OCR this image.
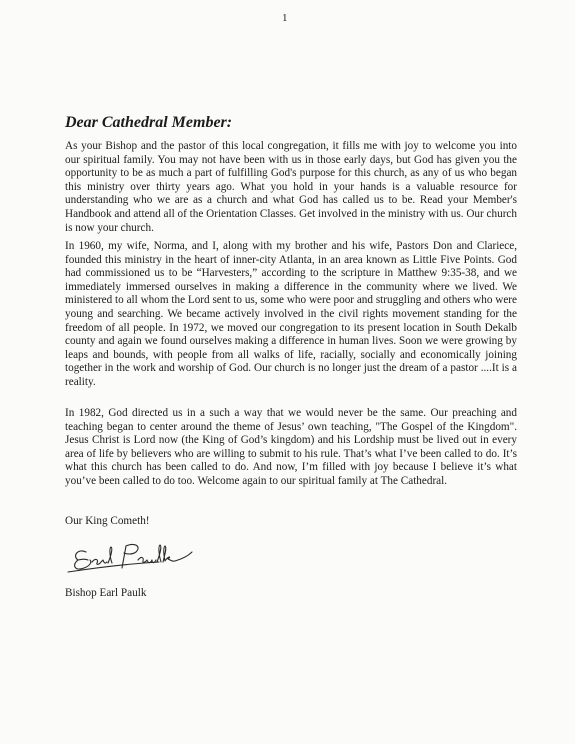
1
Dear Cathedral Member:

As your Bishop and the pastor of this local congregation, it fills me with joy to welcome you into our spiritual family. You may not have been with us in those early days, but God has given you the opportunity to be as much a part of fulfilling God's purpose for this church, as any of us who began this ministry over thirty years ago. What you hold in your hands is a valuable resource for understanding who we are as a church and what God has called us to be. Read your Member's Handbook and attend all of the Orientation Classes. Get involved in the ministry with us. Our church is now your church.

In 1960, my wife, Norma, and I, along with my brother and his wife, Pastors Don and Clariece, founded this ministry in the heart of inner-city Atlanta, in an area known as Little Five Points. God had commissioned us to be “Harvesters,” according to the scripture in Matthew 9:35-38, and we immediately immersed ourselves in making a difference in the community where we lived. We ministered to all whom the Lord sent to us, some who were poor and struggling and others who were young and searching. We became actively involved in the civil rights movement standing for the freedom of all people. In 1972, we moved our congregation to its present location in South Dekalb county and again we found ourselves making a difference in human lives. Soon we were growing by leaps and bounds, with people from all walks of life, racially, socially and economically joining together in the work and worship of God. Our church is no longer just the dream of a pastor ....It is a reality.

In 1982, God directed us in a such a way that we would never be the same. Our preaching and teaching began to center around the theme of Jesus’ own teaching, "The Gospel of the Kingdom". Jesus Christ is Lord now (the King of God’s kingdom) and his Lordship must be lived out in every area of life by believers who are willing to submit to his rule. That’s what I’ve been called to do. It’s what this church has been called to do. And now, I’m filled with joy because I believe it’s what you’ve been called to do too. Welcome again to our spiritual family at The Cathedral.

Our King Cometh!

Bishop Earl Paulk
